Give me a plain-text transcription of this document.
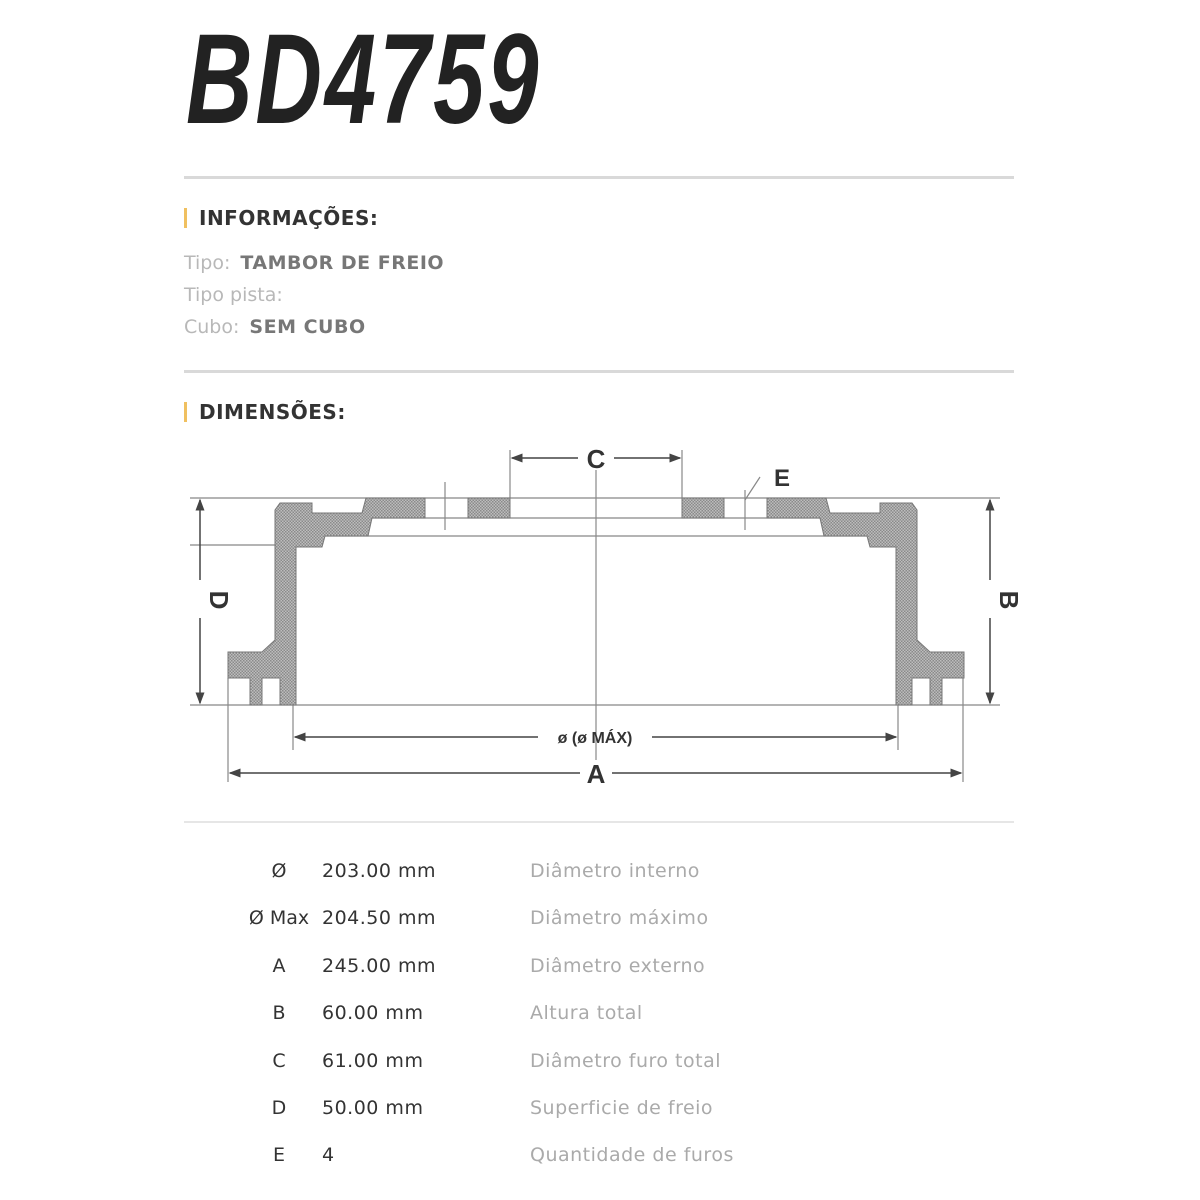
BD4759
INFORMAÇÕES:
Tipo: TAMBOR DE FREIO
Tipo pista:
Cubo: SEM CUBO
DIMENSÕES:
C
E
A
ø (ø MÁX)
D	B
Ø	203.00 mm	Diâmetro interno
Ø Max 204.50 mm	Diâmetro máximo
A	245.00 mm	Diâmetro externo
B	60.00 mm	Altura total
C	61.00 mm	Diâmetro furo total
D	50.00 mm	Superficie de freio
E	4	Quantidade de furos
